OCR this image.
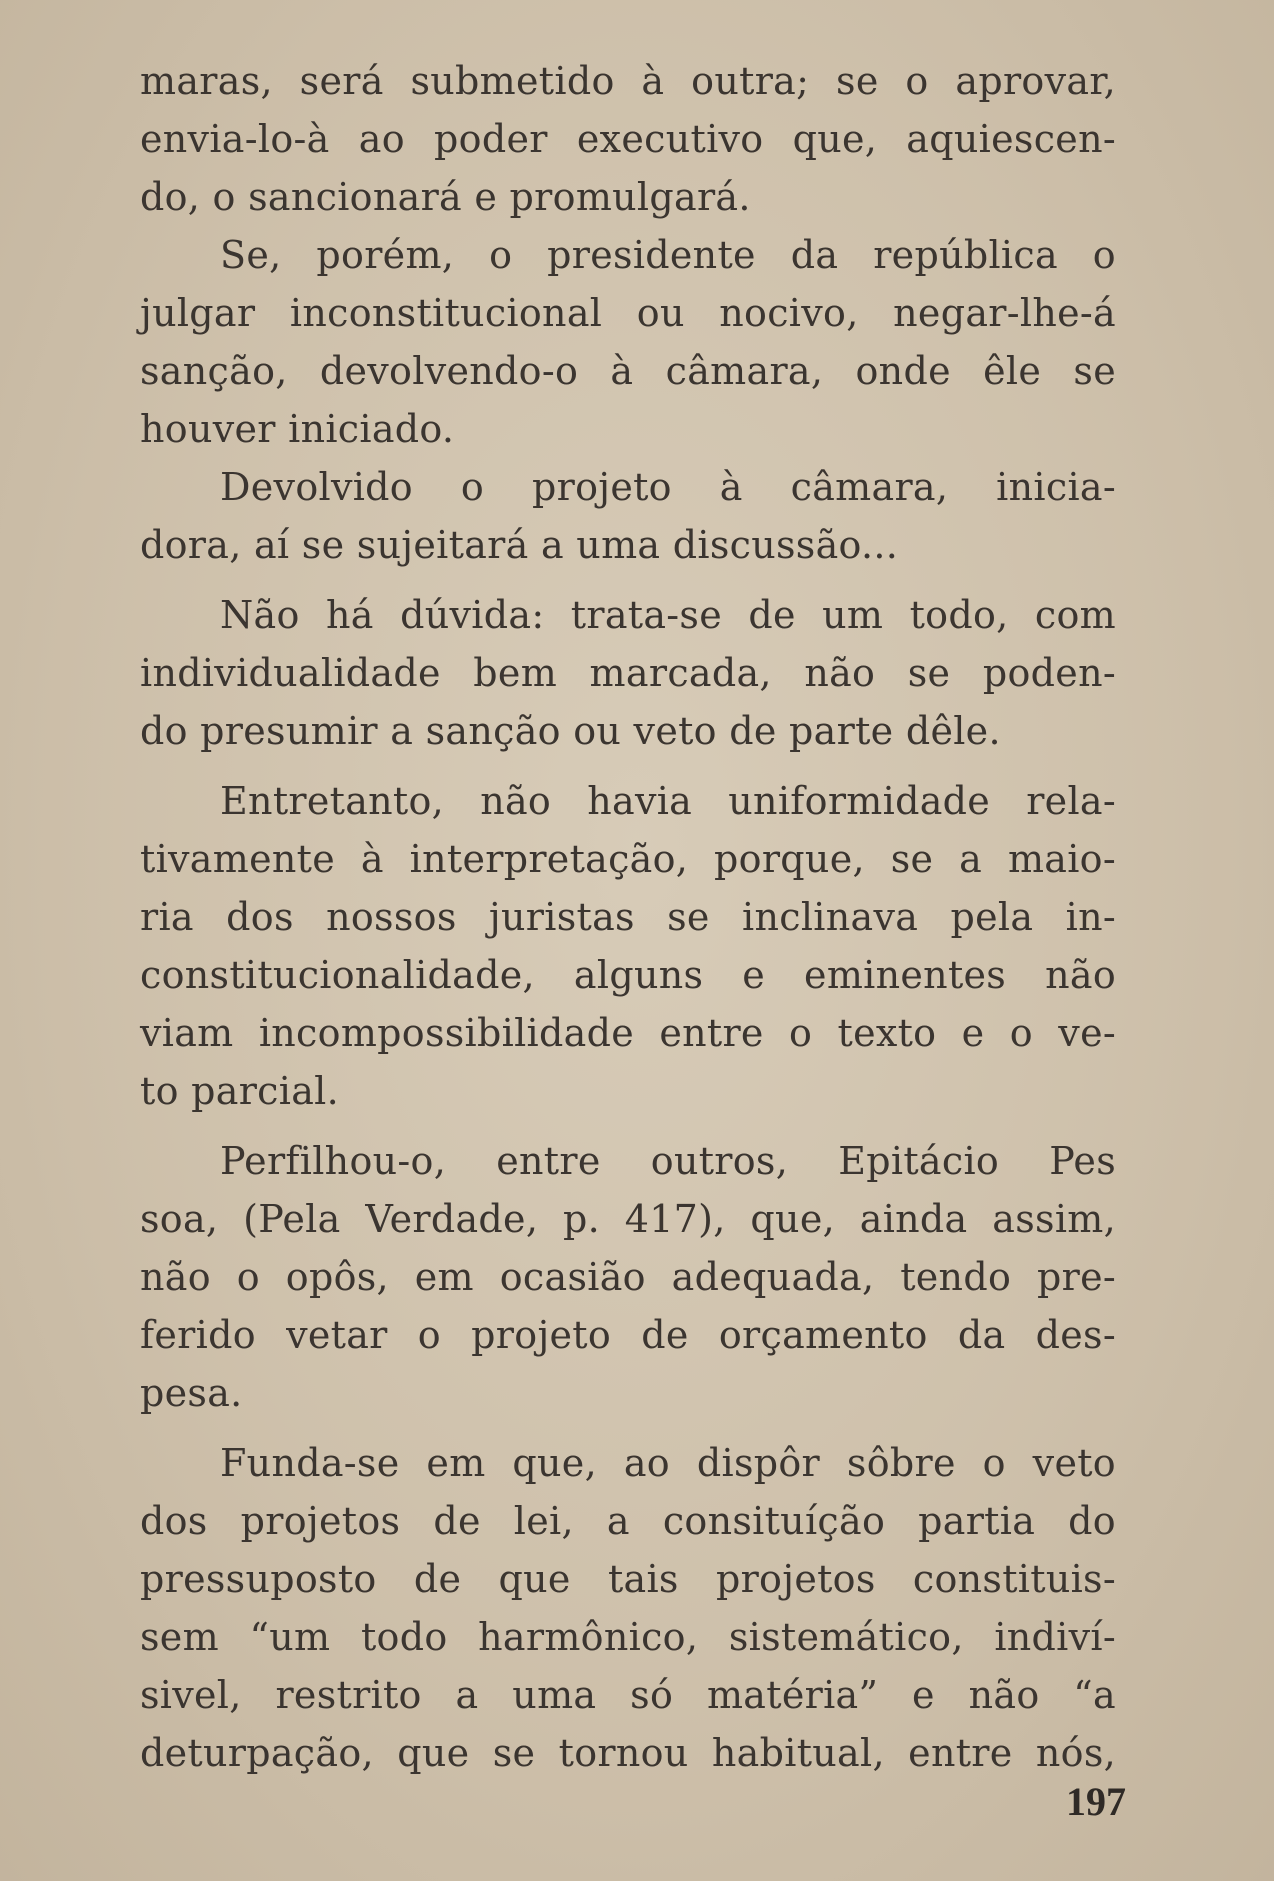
maras, será submetido à outra; se o aprovar,
envia-lo-à ao poder executivo que, aquiescen-
do, o sancionará e promulgará.
Se, porém, o presidente da república o
julgar inconstitucional ou nocivo, negar-lhe-á
sanção, devolvendo-o à câmara, onde êle se
houver iniciado.
Devolvido o projeto à câmara, inicia-
dora, aí se sujeitará a uma discussão...
Não há dúvida: trata-se de um todo, com
individualidade bem marcada, não se poden-
do presumir a sanção ou veto de parte dêle.
Entretanto, não havia uniformidade rela-
tivamente à interpretação, porque, se a maio-
ria dos nossos juristas se inclinava pela in-
constitucionalidade, alguns e eminentes não
viam incompossibilidade entre o texto e o ve-
to parcial.
Perfilhou-o, entre outros, Epitácio Pes
soa, (Pela Verdade, p. 417), que, ainda assim,
não o opôs, em ocasião adequada, tendo pre-
ferido vetar o projeto de orçamento da des-
pesa.
Funda-se em que, ao dispôr sôbre o veto
dos projetos de lei, a consituíção partia do
pressuposto de que tais projetos constituis-
sem “um todo harmônico, sistemático, indiví-
sivel, restrito a uma só matéria” e não “a
deturpação, que se tornou habitual, entre nós,
197
